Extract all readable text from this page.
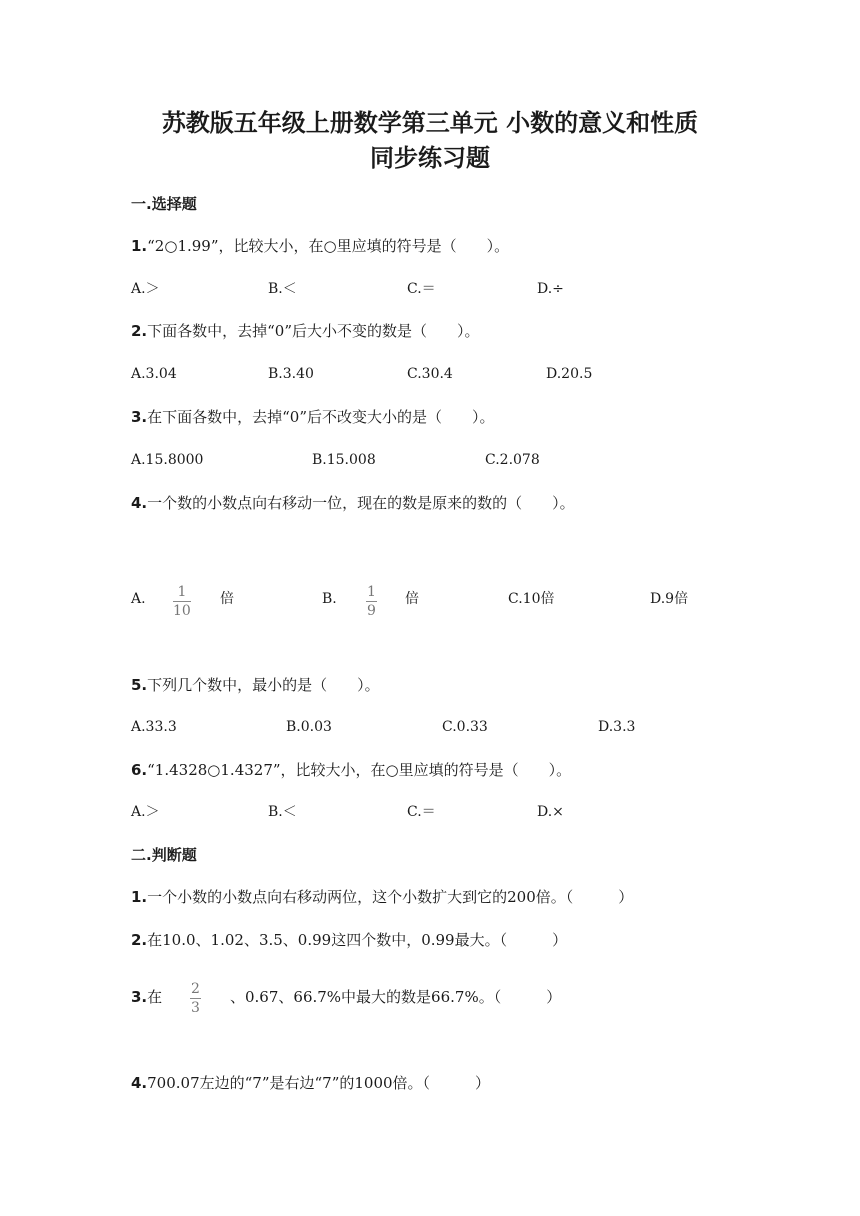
苏教版五年级上册数学第三单元 小数的意义和性质
同步练习题
一.选择题
1.“2○1.99”，比较大小，在○里应填的符号是（　　）。
A.＞	B.＜	C.＝	D.÷
2.下面各数中，去掉“0”后大小不变的数是（　　）。
A.3.04	B.3.40	C.30.4	D.20.5
3.在下面各数中，去掉“0”后不改变大小的是（　　）。
A.15.8000	B.15.008	C.2.078
4.一个数的小数点向右移动一位，现在的数是原来的数的（　　）。
A.	1
10
倍	B. 1
9
倍	C.10倍	D.9倍
5.下列几个数中，最小的是（　　）。
A.33.3	B.0.03	C.0.33	D.3.3
6.“1.4328○1.4327”，比较大小，在○里应填的符号是（　　）。
A.＞	B.＜	C.＝	D.×
二.判断题
1.一个小数的小数点向右移动两位，这个小数扩大到它的200倍。（　　　）
2.在10.0、1.02、3.5、0.99这四个数中，0.99最大。（　　　）
3.在 2
3
、0.67、66.7%中最大的数是66.7%。（　　　）
4.700.07左边的“7”是右边“7”的1000倍。（　　　）
